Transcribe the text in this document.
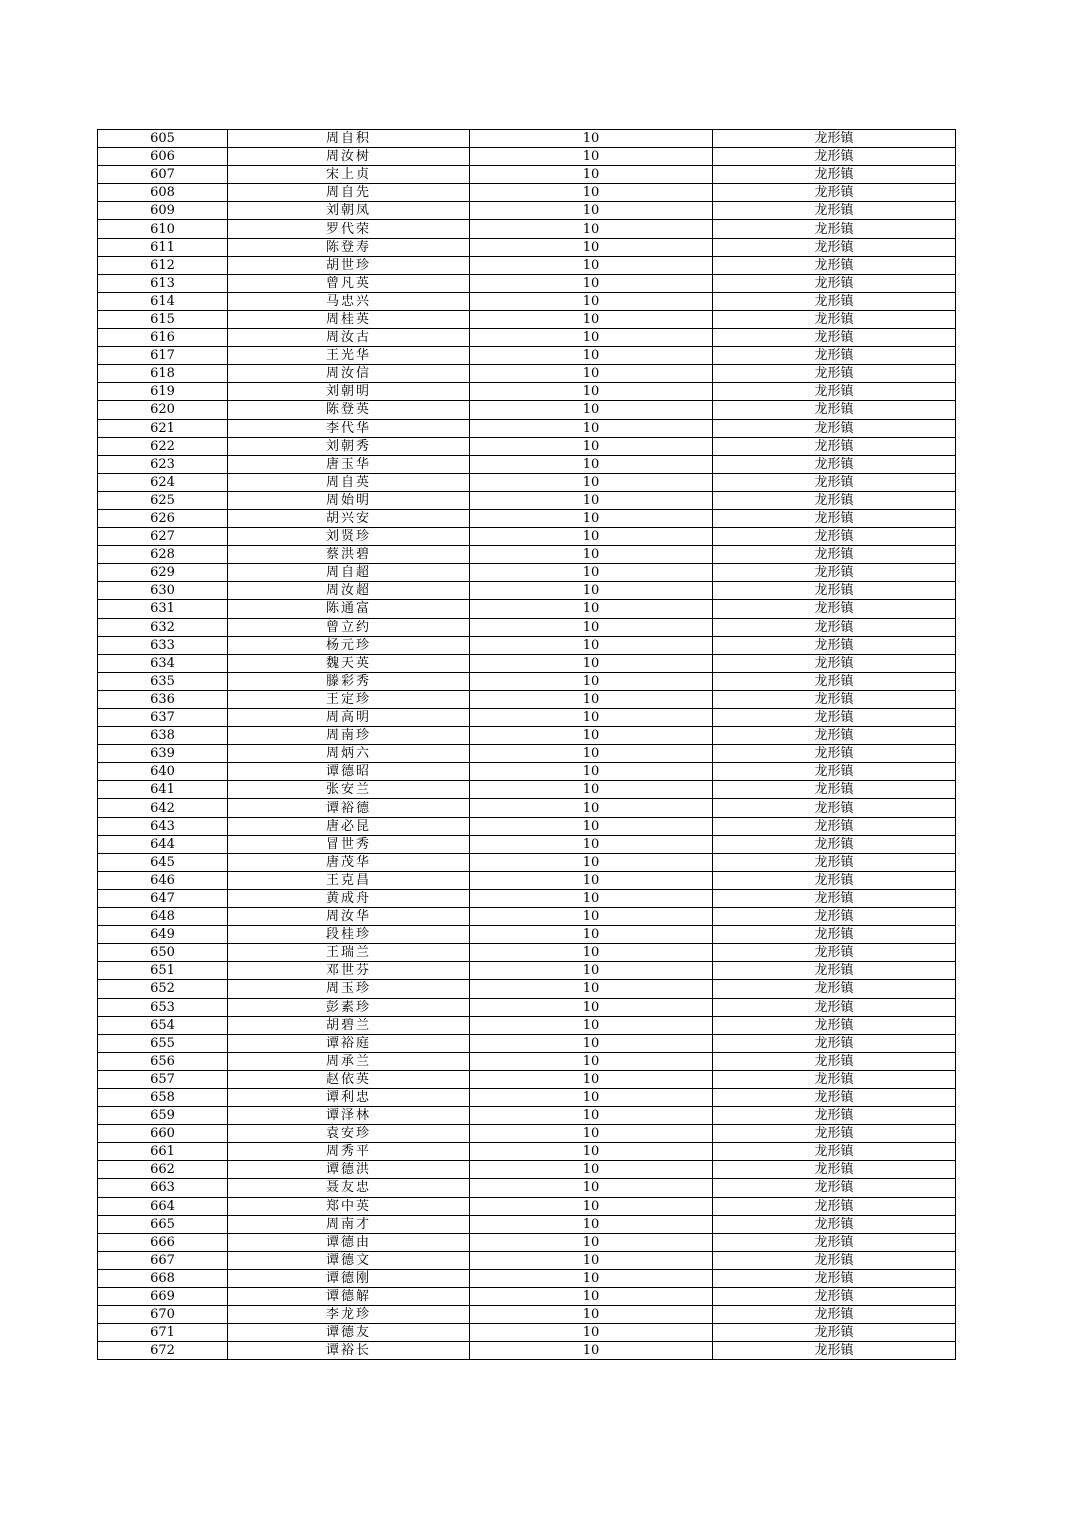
605	周自积	10	龙形镇
606	周汝树	10	龙形镇
607	宋上贞	10	龙形镇
608	周自先	10	龙形镇
609	刘朝凤	10	龙形镇
610	罗代荣	10	龙形镇
611	陈登寿	10	龙形镇
612	胡世珍	10	龙形镇
613	曾凡英	10	龙形镇
614	马忠兴	10	龙形镇
615	周桂英	10	龙形镇
616	周汝古	10	龙形镇
617	王光华	10	龙形镇
618	周汝信	10	龙形镇
619	刘朝明	10	龙形镇
620	陈登英	10	龙形镇
621	李代华	10	龙形镇
622	刘朝秀	10	龙形镇
623	唐玉华	10	龙形镇
624	周自英	10	龙形镇
625	周始明	10	龙形镇
626	胡兴安	10	龙形镇
627	刘贤珍	10	龙形镇
628	蔡洪碧	10	龙形镇
629	周自超	10	龙形镇
630	周汝超	10	龙形镇
631	陈通富	10	龙形镇
632	曾立约	10	龙形镇
633	杨元珍	10	龙形镇
634	魏天英	10	龙形镇
635	滕彩秀	10	龙形镇
636	王定珍	10	龙形镇
637	周高明	10	龙形镇
638	周南珍	10	龙形镇
639	周炳六	10	龙形镇
640	谭德昭	10	龙形镇
641	张安兰	10	龙形镇
642	谭裕德	10	龙形镇
643	唐必昆	10	龙形镇
644	冒世秀	10	龙形镇
645	唐茂华	10	龙形镇
646	王克昌	10	龙形镇
647	黄成舟	10	龙形镇
648	周汝华	10	龙形镇
649	段桂珍	10	龙形镇
650	王瑞兰	10	龙形镇
651	邓世芬	10	龙形镇
652	周玉珍	10	龙形镇
653	彭素珍	10	龙形镇
654	胡碧兰	10	龙形镇
655	谭裕庭	10	龙形镇
656	周承兰	10	龙形镇
657	赵依英	10	龙形镇
658	谭利忠	10	龙形镇
659	谭泽林	10	龙形镇
660	袁安珍	10	龙形镇
661	周秀平	10	龙形镇
662	谭德洪	10	龙形镇
663	聂友忠	10	龙形镇
664	郑中英	10	龙形镇
665	周南才	10	龙形镇
666	谭德由	10	龙形镇
667	谭德文	10	龙形镇
668	谭德刚	10	龙形镇
669	谭德解	10	龙形镇
670	李龙珍	10	龙形镇
671	谭德友	10	龙形镇
672	谭裕长	10	龙形镇
